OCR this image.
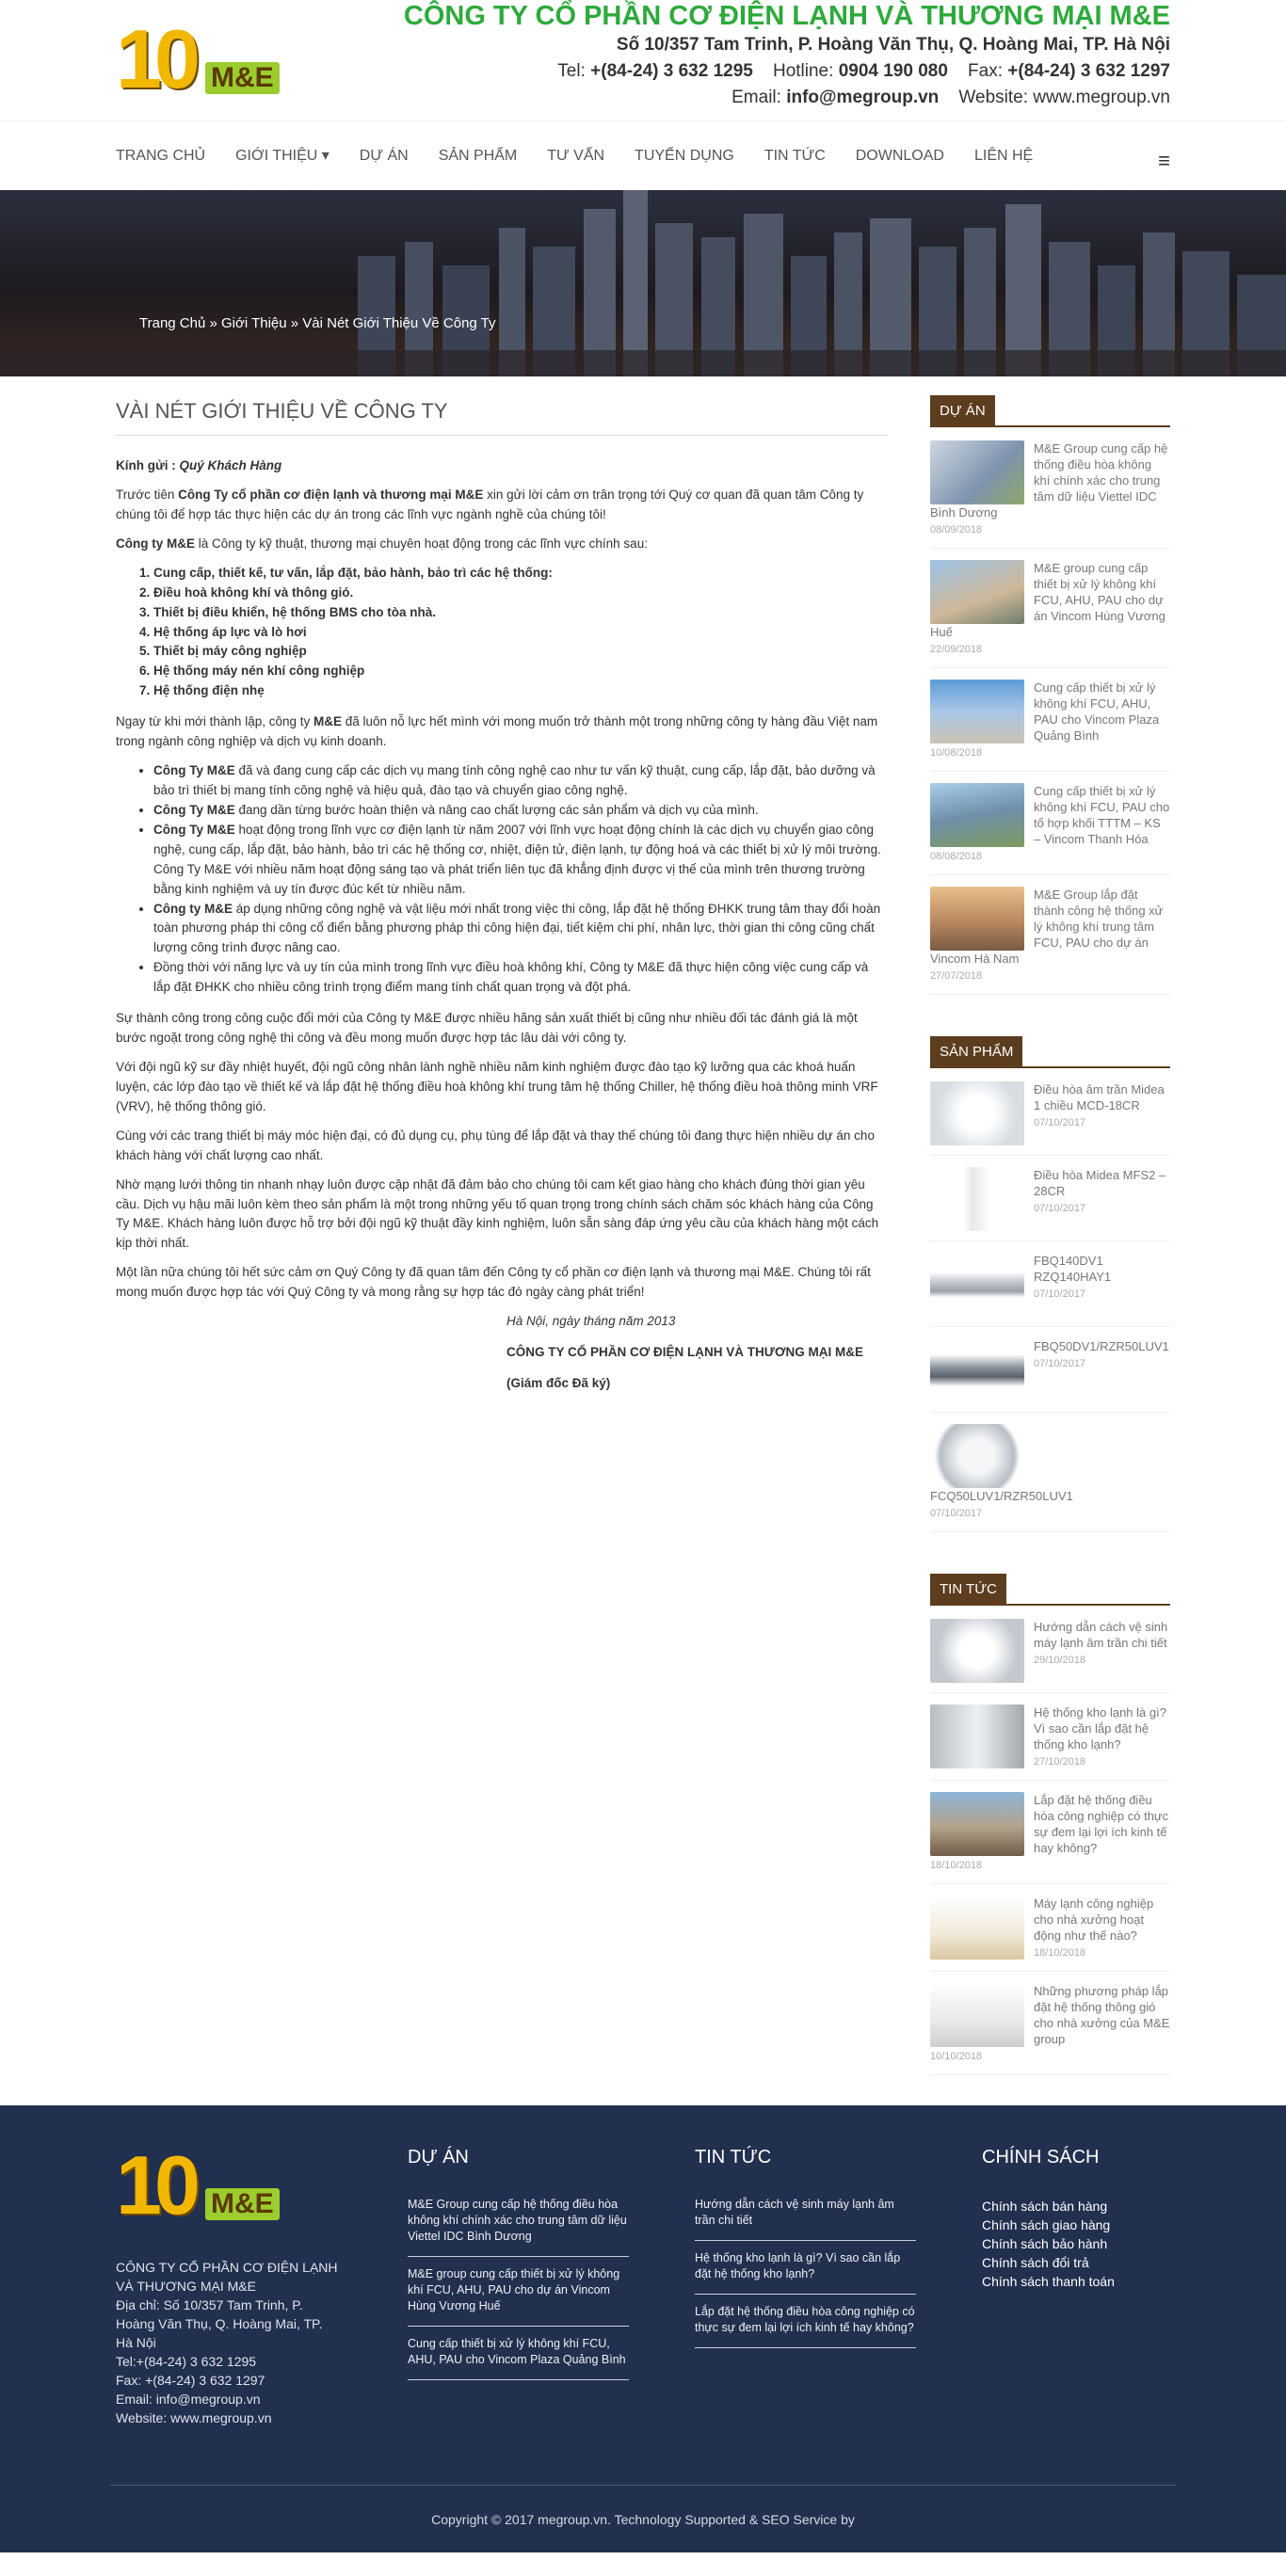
10 M&E
CÔNG TY CỔ PHẦN CƠ ĐIỆN LẠNH VÀ THƯƠNG MẠI M&E
Số 10/357 Tam Trinh, P. Hoàng Văn Thụ, Q. Hoàng Mai, TP. Hà Nội
Tel: +(84-24) 3 632 1295 Hotline: 0904 190 080 Fax: +(84-24) 3 632 1297
Email: info@megroup.vn Website: www.megroup.vn
TRANG CHỦ GIỚI THIỆU ▾ DỰ ÁN SẢN PHẨM TƯ VẤN TUYỂN DỤNG TIN TỨC DOWNLOAD LIÊN HỆ	≡
Trang Chủ » Giới Thiệu » Vài Nét Giới Thiệu Về Công Ty
VÀI NÉT GIỚI THIỆU VỀ CÔNG TY

Kính gửi : Quý Khách Hàng

Trước tiên Công Ty cổ phần cơ điện lạnh và thương mại M&E xin gửi lời cảm ơn trân trọng tới Quý cơ quan đã quan tâm Công ty chúng tôi để hợp tác thực hiện các dự án trong các lĩnh vực ngành nghề của chúng tôi!

Công ty M&E là Công ty kỹ thuật, thương mại chuyên hoạt động trong các lĩnh vực chính sau:

1. Cung cấp, thiết kế, tư vấn, lắp đặt, bảo hành, bảo trì các hệ thống:
2. Điều hoà không khí và thông gió.
3. Thiết bị điều khiển, hệ thống BMS cho tòa nhà.
4. Hệ thống áp lực và lò hơi
5. Thiết bị máy công nghiệp
6. Hệ thống máy nén khí công nghiệp
7. Hệ thống điện nhẹ

Ngay từ khi mới thành lập, công ty M&E đã luôn nỗ lực hết mình với mong muốn trở thành một trong những công ty hàng đầu Việt nam trong ngành công nghiệp và dịch vụ kinh doanh.

• Công Ty M&E đã và đang cung cấp các dịch vụ mang tính công nghệ cao như tư vấn kỹ thuật, cung cấp, lắp đặt, bảo dưỡng và bảo trì thiết bị mang tính công nghệ và hiệu quả, đào tạo và chuyển giao công nghệ.
• Công Ty M&E đang dần từng bước hoàn thiện và nâng cao chất lượng các sản phẩm và dịch vụ của mình.
• Công Ty M&E hoạt động trong lĩnh vực cơ điện lạnh từ năm 2007 với lĩnh vực hoạt động chính là các dịch vụ chuyển giao công nghệ, cung cấp, lắp đặt, bảo hành, bảo trì các hệ thống cơ, nhiệt, điện tử, điện lạnh, tự động hoá và các thiết bị xử lý môi trường. Công Ty M&E với nhiều năm hoạt động sáng tạo và phát triển liên tục đã khẳng định được vị thế của mình trên thương trường bằng kinh nghiệm và uy tín được đúc kết từ nhiều năm.
• Công ty M&E áp dụng những công nghệ và vật liệu mới nhất trong việc thi công, lắp đặt hệ thống ĐHKK trung tâm thay đổi hoàn toàn phương pháp thi công cổ điển bằng phương pháp thi công hiện đại, tiết kiệm chi phí, nhân lực, thời gian thi công cũng chất lượng công trình được nâng cao.
• Đồng thời với năng lực và uy tín của mình trong lĩnh vực điều hoà không khí, Công ty M&E đã thực hiện công việc cung cấp và lắp đặt ĐHKK cho nhiều công trình trọng điểm mang tính chất quan trọng và đột phá.

Sự thành công trong công cuộc đổi mới của Công ty M&E được nhiều hãng sản xuất thiết bị cũng như nhiều đối tác đánh giá là một bước ngoặt trong công nghệ thi công và đều mong muốn được hợp tác lâu dài với công ty.

Với đội ngũ kỹ sư đầy nhiệt huyết, đội ngũ công nhân lành nghề nhiều năm kinh nghiệm được đào tạo kỹ lưỡng qua các khoá huấn luyện, các lớp đào tạo về thiết kế và lắp đặt hệ thống điều hoà không khí trung tâm hệ thống Chiller, hệ thống điều hoà thông minh VRF (VRV), hệ thống thông gió.

Cùng với các trang thiết bị máy móc hiện đại, có đủ dụng cụ, phụ tùng để lắp đặt và thay thế chúng tôi đang thực hiện nhiều dự án cho khách hàng với chất lượng cao nhất.

Nhờ mạng lưới thông tin nhanh nhạy luôn được cập nhật đã đảm bảo cho chúng tôi cam kết giao hàng cho khách đúng thời gian yêu cầu. Dịch vụ hậu mãi luôn kèm theo sản phẩm là một trong những yếu tố quan trọng trong chính sách chăm sóc khách hàng của Công Ty M&E. Khách hàng luôn được hỗ trợ bởi đội ngũ kỹ thuật đầy kinh nghiệm, luôn sẵn sàng đáp ứng yêu cầu của khách hàng một cách kịp thời nhất.

Một lần nữa chúng tôi hết sức cảm ơn Quý Công ty đã quan tâm đến Công ty cổ phần cơ điện lạnh và thương mại M&E. Chúng tôi rất mong muốn được hợp tác với Quý Công ty và mong rằng sự hợp tác đó ngày càng phát triển!

Hà Nội, ngày tháng năm 2013

CÔNG TY CỔ PHẦN CƠ ĐIỆN LẠNH VÀ THƯƠNG MẠI M&E

(Giám đốc Đã ký)

DỰ ÁN
M&E Group cung cấp hệ thống điều hòa không khí chính xác cho trung tâm dữ liệu Viettel IDC Bình Dương
08/09/2018
M&E group cung cấp thiết bị xử lý không khí FCU, AHU, PAU cho dự án Vincom Hùng Vương Huế
22/09/2018
Cung cấp thiết bị xử lý không khí FCU, AHU, PAU cho Vincom Plaza Quảng Bình
10/08/2018
Cung cấp thiết bị xử lý không khí FCU, PAU cho tổ hợp khối TTTM – KS – Vincom Thanh Hóa
08/08/2018
M&E Group lắp đặt thành công hệ thống xử lý không khí trung tâm FCU, PAU cho dự án Vincom Hà Nam
27/07/2018
SẢN PHẨM
Điều hòa âm trần Midea 1 chiều MCD-18CR
07/10/2017
Điều hòa Midea MFS2 – 28CR
07/10/2017
FBQ140DV1 RZQ140HAY1
07/10/2017
FBQ50DV1/RZR50LUV1
07/10/2017
FCQ50LUV1/RZR50LUV1
07/10/2017
TIN TỨC
Hướng dẫn cách vệ sinh máy lạnh âm trần chi tiết
29/10/2018
Hệ thống kho lạnh là gì? Vì sao cần lắp đặt hệ thống kho lạnh?
27/10/2018
Lắp đặt hệ thống điều hòa công nghiệp có thực sự đem lại lợi ích kinh tế hay không?
18/10/2018
Máy lạnh công nghiệp cho nhà xưởng hoạt động như thế nào?
18/10/2018
Những phương pháp lắp đặt hệ thống thông gió cho nhà xưởng của M&E group
10/10/2018
10 M&E
CÔNG TY CỔ PHẦN CƠ ĐIỆN LẠNH VÀ THƯƠNG MẠI M&E
Địa chỉ: Số 10/357 Tam Trinh, P. Hoàng Văn Thụ, Q. Hoàng Mai, TP. Hà Nội
Tel:+(84-24) 3 632 1295
Fax: +(84-24) 3 632 1297
Email: info@megroup.vn
Website: www.megroup.vn
DỰ ÁN
M&E Group cung cấp hệ thống điều hòa không khí chính xác cho trung tâm dữ liệu Viettel IDC Bình Dương
M&E group cung cấp thiết bị xử lý không khí FCU, AHU, PAU cho dự án Vincom Hùng Vương Huế
Cung cấp thiết bị xử lý không khí FCU, AHU, PAU cho Vincom Plaza Quảng Bình
TIN TỨC
Hướng dẫn cách vệ sinh máy lạnh âm trần chi tiết
Hệ thống kho lạnh là gì? Vì sao cần lắp đặt hệ thống kho lạnh?
Lắp đặt hệ thống điều hòa công nghiệp có thực sự đem lại lợi ích kinh tế hay không?
CHÍNH SÁCH
Chính sách bán hàng
Chính sách giao hàng
Chính sách bảo hành
Chính sách đổi trả
Chính sách thanh toán
Copyright © 2017 megroup.vn. Technology Supported & SEO Service by
